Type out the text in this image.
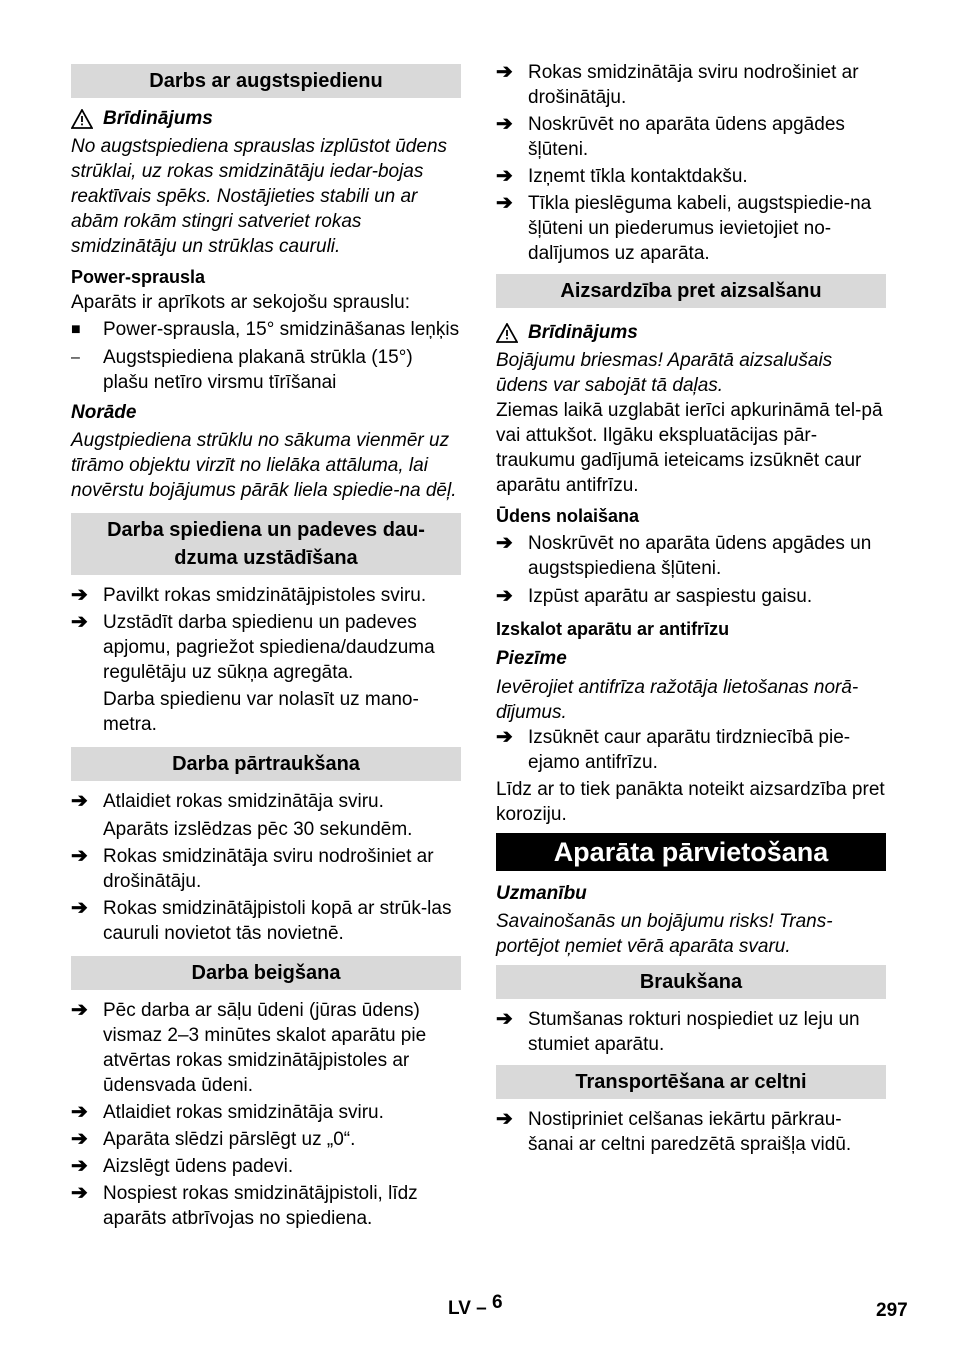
Darbs ar augstspiedienu
Brīdinājums

No augstspiediena sprauslas izplūstot ūdens strūklai, uz rokas smidzinātāju iedar-bojas reaktīvais spēks. Nostājieties stabili un ar abām rokām stingri satveriet rokas smidzinātāju un strūklas cauruli.

Power-sprausla

Aparāts ir aprīkots ar sekojošu sprauslu:

■	Power-sprausla, 15° smidzināšanas leņķis
–	Augstspiediena plakanā strūkla (15°) plašu netīro virsmu tīrīšanai

Norāde

Augstpiediena strūklu no sākuma vienmēr uz tīrāmo objektu virzīt no lielāka attāluma, lai novērstu bojājumus pārāk liela spiedie-na dēļ.

Darba spiediena un padeves dau-dzuma uzstādīšana
➔ Pavilkt rokas smidzinātājpistoles sviru.
➔ Uzstādīt darba spiedienu un padeves apjomu, pagriežot spiediena/daudzuma regulētāju uz sūkņa agregāta.

Darba spiedienu var nolasīt uz mano-metra.

Darba pārtraukšana
➔ Atlaidiet rokas smidzinātāja sviru.

Aparāts izslēdzas pēc 30 sekundēm.

➔ Rokas smidzinātāja sviru nodrošiniet ar drošinātāju.
➔ Rokas smidzinātājpistoli kopā ar strūk-las cauruli novietot tās novietnē.
Darba beigšana
➔ Pēc darba ar sāļu ūdeni (jūras ūdens) vismaz 2–3 minūtes skalot aparātu pie atvērtas rokas smidzinātājpistoles ar ūdensvada ūdeni.
➔ Atlaidiet rokas smidzinātāja sviru.
➔ Aparāta slēdzi pārslēgt uz „0“.
➔ Aizslēgt ūdens padevi.
➔ Nospiest rokas smidzinātājpistoli, līdz aparāts atbrīvojas no spiediena.
➔ Rokas smidzinātāja sviru nodrošiniet ar drošinātāju.
➔ Noskrūvēt no aparāta ūdens apgādes šļūteni.
➔ Izņemt tīkla kontaktdakšu.
➔ Tīkla pieslēguma kabeli, augstspiedie-na šļūteni un piederumus ievietojiet no-dalījumos uz aparāta.
Aizsardzība pret aizsalšanu
Brīdinājums

Bojājumu briesmas! Aparātā aizsalušais ūdens var sabojāt tā daļas.

Ziemas laikā uzglabāt ierīci apkurināmā tel-pā vai attukšot. Ilgāku ekspluatācijas pār-traukumu gadījumā ieteicams izsūknēt caur aparātu antifrīzu.

Ūdens nolaišana

➔ Noskrūvēt no aparāta ūdens apgādes un augstspiediena šļūteni.
➔ Izpūst aparātu ar saspiestu gaisu.

Izskalot aparātu ar antifrīzu

Piezīme

Ievērojiet antifrīza ražotāja lietošanas norā-dījumus.

➔ Izsūknēt caur aparātu tirdzniecībā pie-ejamo antifrīzu.

Līdz ar to tiek panākta noteikt aizsardzība pret koroziju.

Aparāta pārvietošana

Uzmanību

Savainošanās un bojājumu risks! Trans-portējot ņemiet vērā aparāta svaru.

Braukšana
➔ Stumšanas rokturi nospiediet uz leju un stumiet aparātu.
Transportēšana ar celtni
➔ Nostipriniet celšanas iekārtu pārkrau-šanai ar celtni paredzētā spraišļa vidū.
LV – 6	297
